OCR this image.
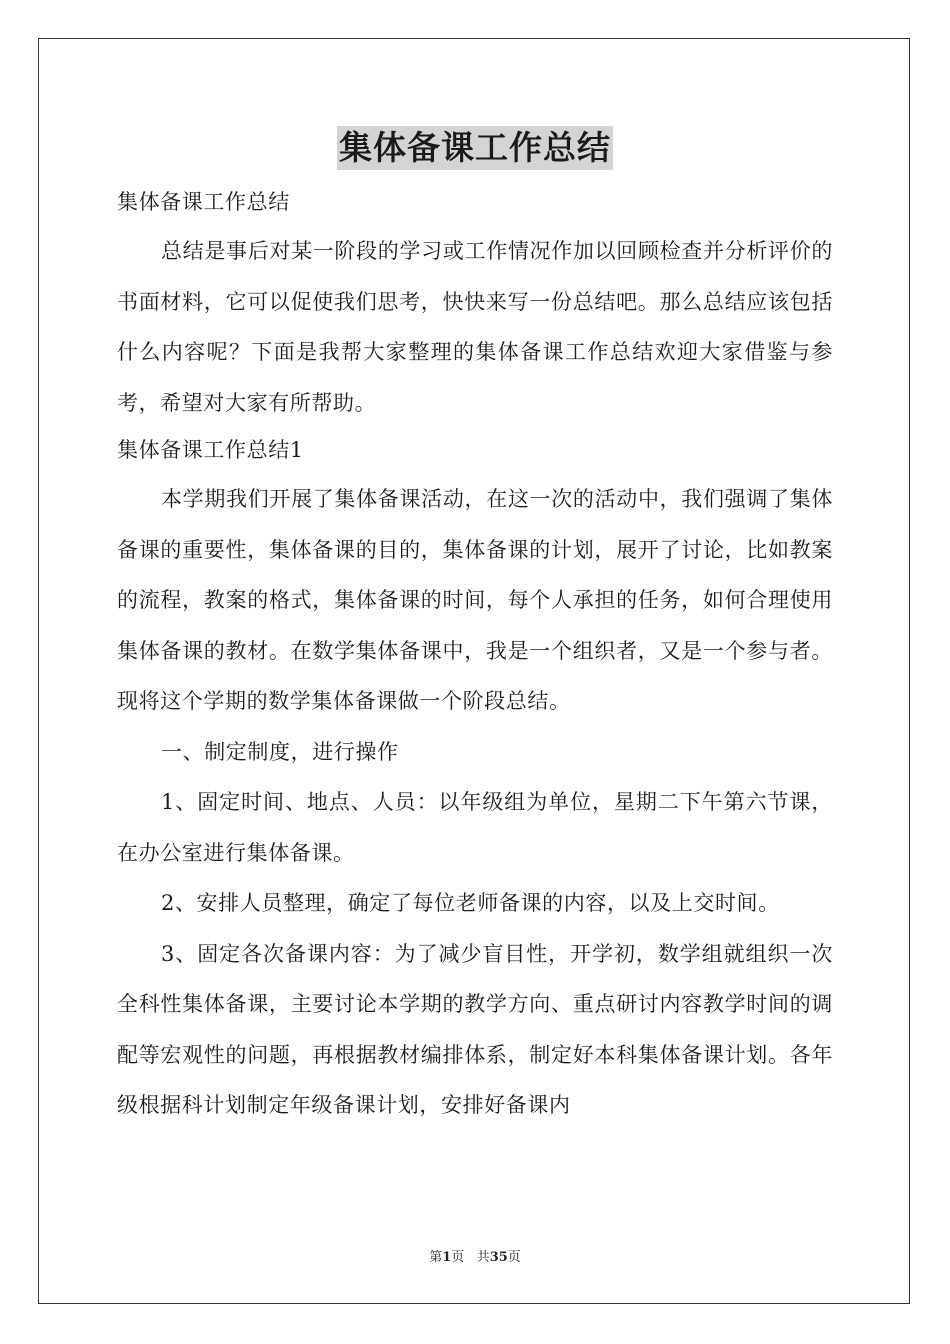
集体备课工作总结

集体备课工作总结

总结是事后对某一阶段的学习或工作情况作加以回顾检查并分析评价的书面材料，它可以促使我们思考，快快来写一份总结吧。那么总结应该包括什么内容呢？下面是我帮大家整理的集体备课工作总结欢迎大家借鉴与参考，希望对大家有所帮助。

集体备课工作总结1

本学期我们开展了集体备课活动，在这一次的活动中，我们强调了集体备课的重要性，集体备课的目的，集体备课的计划，展开了讨论，比如教案的流程，教案的格式，集体备课的时间，每个人承担的任务，如何合理使用集体备课的教材。在数学集体备课中，我是一个组织者，又是一个参与者。现将这个学期的数学集体备课做一个阶段总结。

一、制定制度，进行操作

1、固定时间、地点、人员：以年级组为单位，星期二下午第六节课，在办公室进行集体备课。

2、安排人员整理，确定了每位老师备课的内容，以及上交时间。

3、固定各次备课内容：为了减少盲目性，开学初，数学组就组织一次全科性集体备课，主要讨论本学期的教学方向、重点研讨内容教学时间的调配等宏观性的问题，再根据教材编排体系，制定好本科集体备课计划。各年级根据科计划制定年级备课计划，安排好备课内

第1页 共35页
